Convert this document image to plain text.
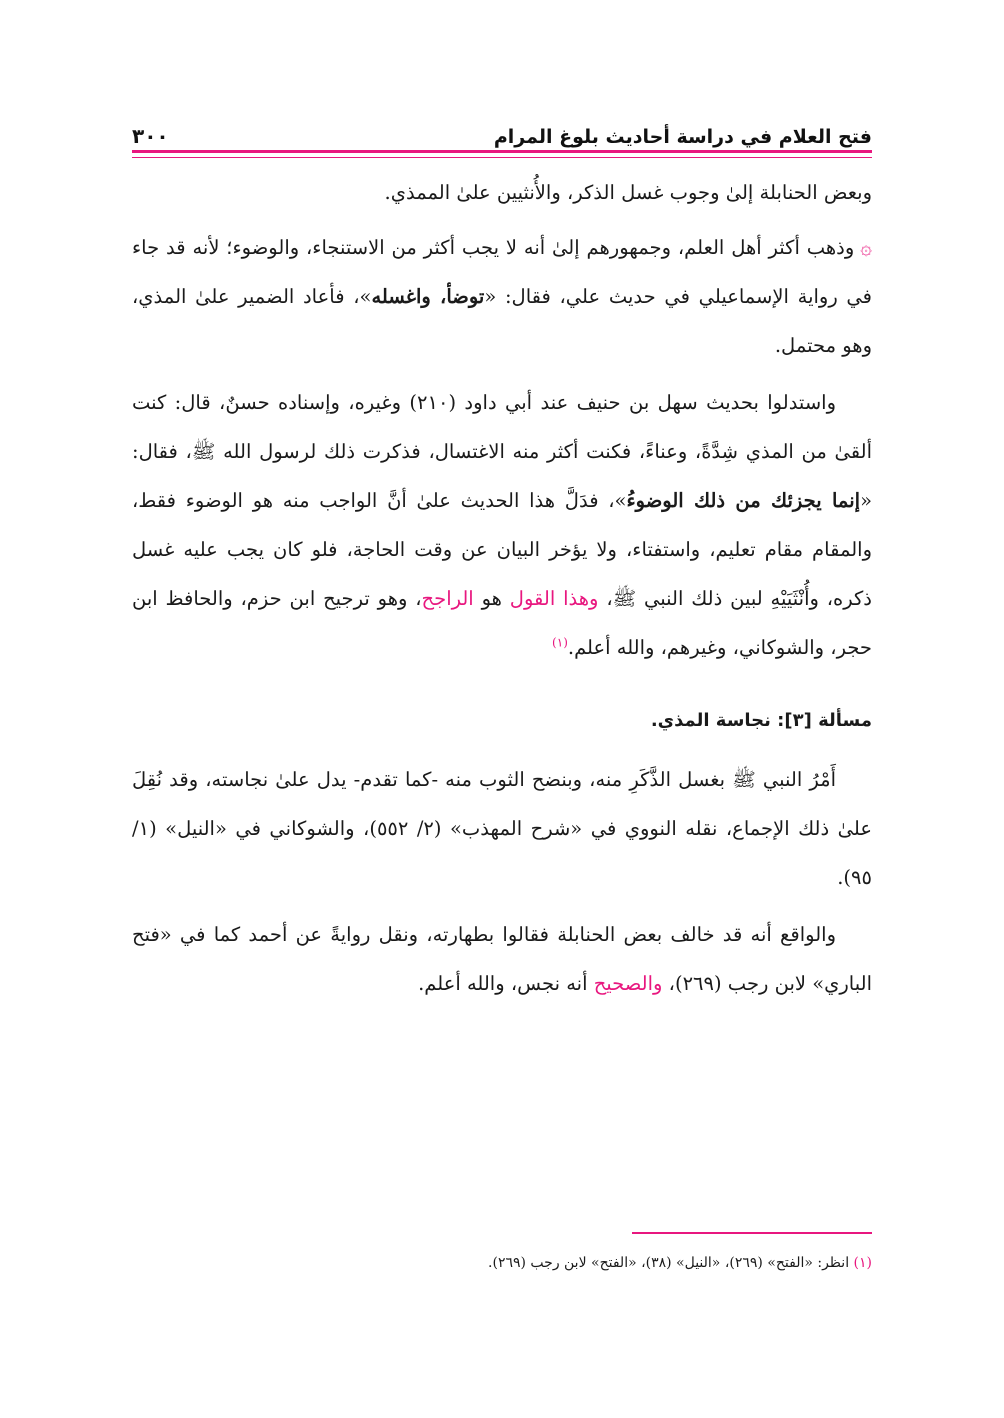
فتح العلام في دراسة أحاديث بلوغ المرام
٣٠٠

وبعض الحنابلة إلىٰ وجوب غسل الذكر، والأُنثيين علىٰ الممذي.

۞وذهب أكثر أهل العلم، وجمهورهم إلىٰ أنه لا يجب أكثر من الاستنجاء، والوضوء؛ لأنه قد جاء في رواية الإسماعيلي في حديث علي، فقال: «توضأ، واغسله»، فأعاد الضمير علىٰ المذي، وهو محتمل.

واستدلوا بحديث سهل بن حنيف عند أبي داود (٢١٠) وغيره، وإسناده حسنٌ، قال: كنت ألقىٰ من المذي شِدَّةً، وعناءً، فكنت أكثر منه الاغتسال، فذكرت ذلك لرسول الله ﷺ، فقال: «إنما يجزئك من ذلك الوضوءُ»، فدَلَّ هذا الحديث علىٰ أنَّ الواجب منه هو الوضوء فقط، والمقام مقام تعليم، واستفتاء، ولا يؤخر البيان عن وقت الحاجة، فلو كان يجب عليه غسل ذكره، وأُنْثَيَيْهِ لبين ذلك النبي ﷺ، وهذا القول هو الراجح، وهو ترجيح ابن حزم، والحافظ ابن حجر، والشوكاني، وغيرهم، والله أعلم.$^{(١)}$

مسألة [٣]: نجاسة المذي.

أَمْرُ النبي ﷺ بغسل الذَّكَرِ منه، وبنضح الثوب منه -كما تقدم- يدل علىٰ نجاسته، وقد نُقِلَ علىٰ ذلك الإجماع، نقله النووي في «شرح المهذب» (٢/ ٥٥٢)، والشوكاني في «النيل» (١/ ٩٥).

والواقع أنه قد خالف بعض الحنابلة فقالوا بطهارته، ونقل روايةً عن أحمد كما في «فتح الباري» لابن رجب (٢٦٩)، والصحيح أنه نجس، والله أعلم.

(١) انظر: «الفتح» (٢٦٩)، «النيل» (٣٨)، «الفتح» لابن رجب (٢٦٩).
